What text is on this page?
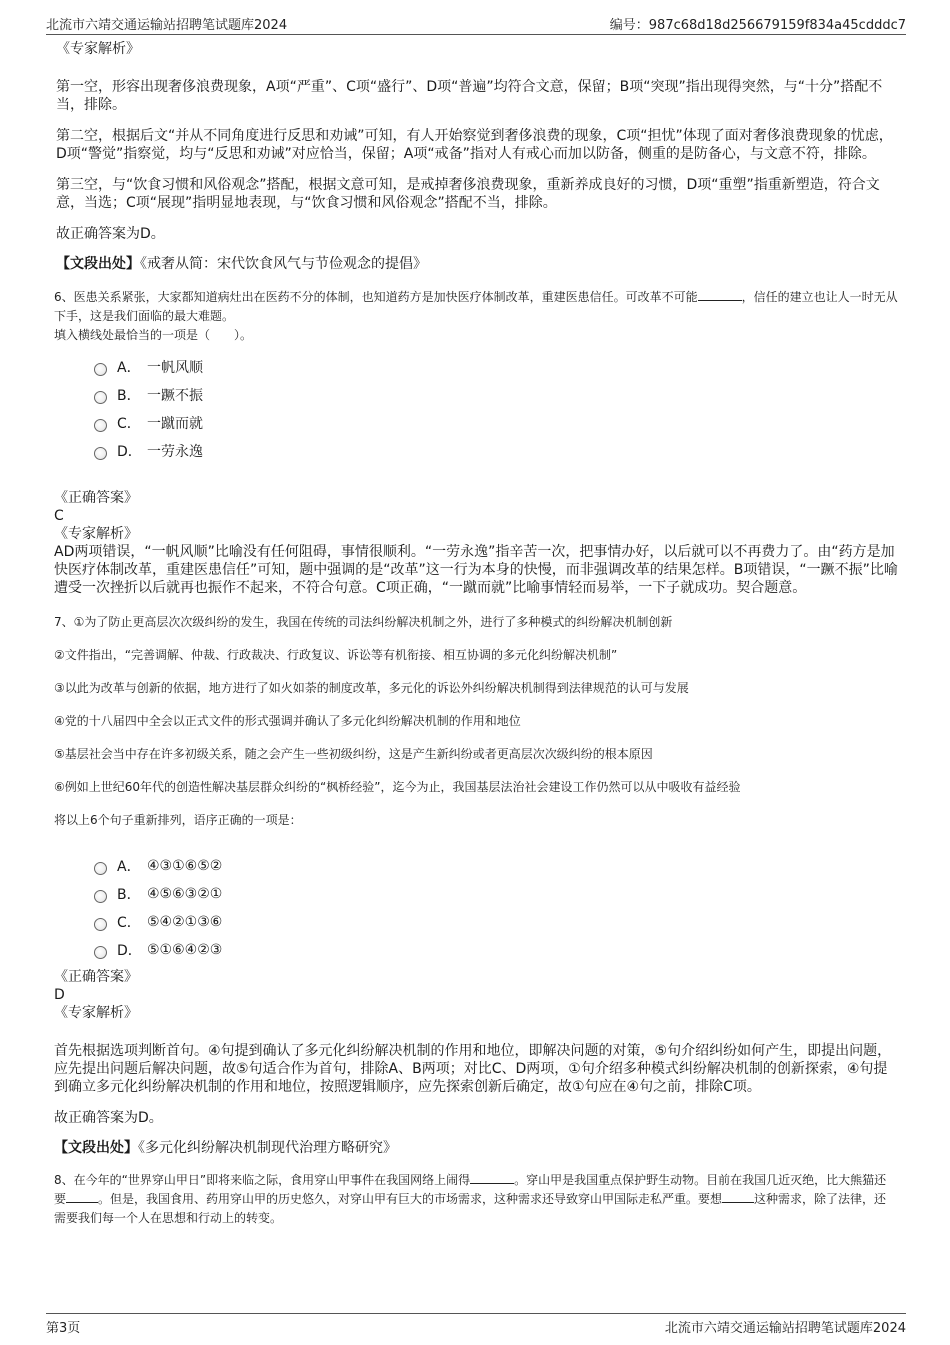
北流市六靖交通运输站招聘笔试题库2024	编号：987c68d18d256679159f834a45cdddc7

《专家解析》

第一空，形容出现奢侈浪费现象，A项“严重”、C项“盛行”、D项“普遍”均符合文意，保留；B项“突现”指出现得突然，与“十分”搭配不当，排除。

第二空，根据后文“并从不同角度进行反思和劝诫”可知，有人开始察觉到奢侈浪费的现象，C项“担忧”体现了面对奢侈浪费现象的忧虑，D项“警觉”指察觉，均与“反思和劝诫”对应恰当，保留；A项“戒备”指对人有戒心而加以防备，侧重的是防备心，与文意不符，排除。

第三空，与“饮食习惯和风俗观念”搭配，根据文意可知，是戒掉奢侈浪费现象，重新养成良好的习惯，D项“重塑”指重新塑造，符合文意，当选；C项“展现”指明显地表现，与“饮食习惯和风俗观念”搭配不当，排除。

故正确答案为D。

【文段出处】《戒奢从简：宋代饮食风气与节俭观念的提倡》

6、医患关系紧张，大家都知道病灶出在医药不分的体制，也知道药方是加快医疗体制改革，重建医患信任。可改革不可能	，信任的建立也让人一时无从下手，这是我们面临的最大难题。

填入横线处最恰当的一项是（　　）。

A． 一帆风顺
B． 一蹶不振
C． 一蹴而就
D． 一劳永逸

《正确答案》

C

《专家解析》

AD两项错误，“一帆风顺”比喻没有任何阻碍，事情很顺利。“一劳永逸”指辛苦一次，把事情办好，以后就可以不再费力了。由“药方是加快医疗体制改革，重建医患信任”可知，题中强调的是“改革”这一行为本身的快慢，而非强调改革的结果怎样。B项错误，“一蹶不振”比喻遭受一次挫折以后就再也振作不起来，不符合句意。C项正确，“一蹴而就”比喻事情轻而易举，一下子就成功。契合题意。

7、①为了防止更高层次次级纠纷的发生，我国在传统的司法纠纷解决机制之外，进行了多种模式的纠纷解决机制创新

②文件指出，“完善调解、仲裁、行政裁决、行政复议、诉讼等有机衔接、相互协调的多元化纠纷解决机制”

③以此为改革与创新的依据，地方进行了如火如荼的制度改革，多元化的诉讼外纠纷解决机制得到法律规范的认可与发展

④党的十八届四中全会以正式文件的形式强调并确认了多元化纠纷解决机制的作用和地位

⑤基层社会当中存在许多初级关系，随之会产生一些初级纠纷，这是产生新纠纷或者更高层次次级纠纷的根本原因

⑥例如上世纪60年代的创造性解决基层群众纠纷的“枫桥经验”，迄今为止，我国基层法治社会建设工作仍然可以从中吸收有益经验

将以上6个句子重新排列，语序正确的一项是：

A． ④③①⑥⑤②
B． ④⑤⑥③②①
C． ⑤④②①③⑥
D． ⑤①⑥④②③

《正确答案》

D

《专家解析》

首先根据选项判断首句。④句提到确认了多元化纠纷解决机制的作用和地位，即解决问题的对策，⑤句介绍纠纷如何产生，即提出问题，应先提出问题后解决问题，故⑤句适合作为首句，排除A、B两项；对比C、D两项，①句介绍多种模式纠纷解决机制的创新探索，④句提到确立多元化纠纷解决机制的作用和地位，按照逻辑顺序，应先探索创新后确定，故①句应在④句之前，排除C项。

故正确答案为D。

【文段出处】《多元化纠纷解决机制现代治理方略研究》

8、在今年的“世界穿山甲日”即将来临之际，食用穿山甲事件在我国网络上闹得	。穿山甲是我国重点保护野生动物。目前在我国几近灭绝，比大熊猫还要	。但是，我国食用、药用穿山甲的历史悠久，对穿山甲有巨大的市场需求，这种需求还导致穿山甲国际走私严重。要想	这种需求，除了法律，还需要我们每一个人在思想和行动上的转变。

第3页	北流市六靖交通运输站招聘笔试题库2024
